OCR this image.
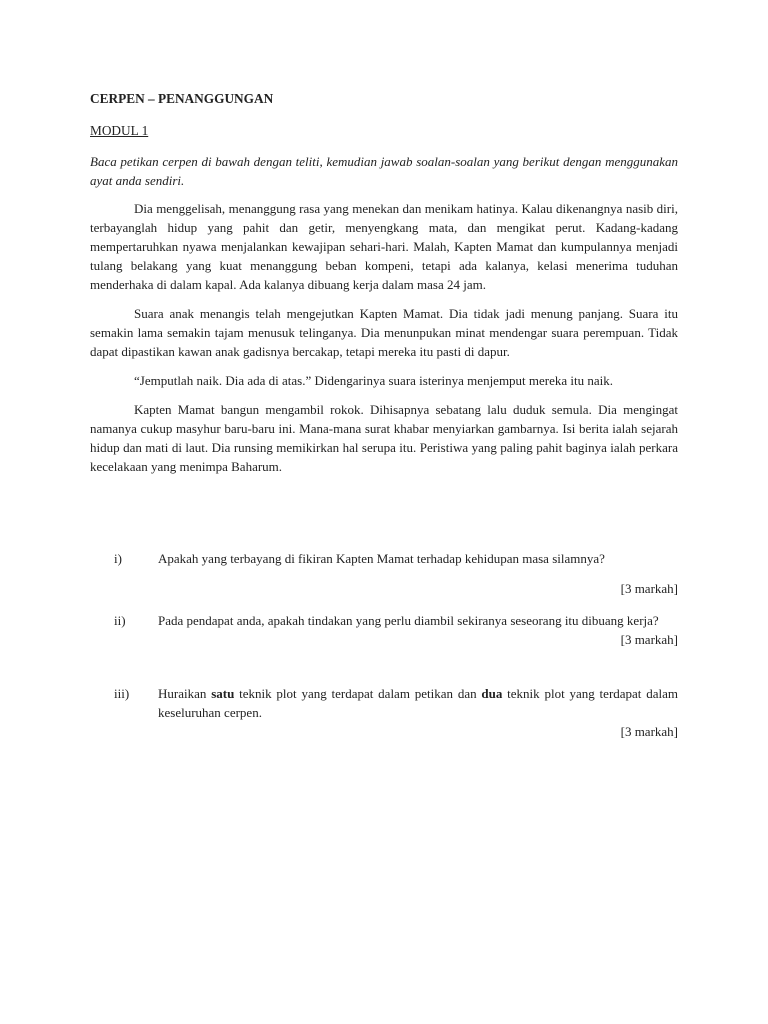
CERPEN – PENANGGUNGAN
MODUL 1
Baca petikan cerpen di bawah dengan teliti, kemudian jawab soalan-soalan yang berikut dengan menggunakan ayat anda sendiri.

Dia menggelisah, menanggung rasa yang menekan dan menikam hatinya. Kalau dikenangnya nasib diri, terbayanglah hidup yang pahit dan getir, menyengkang mata, dan mengikat perut. Kadang-kadang mempertaruhkan nyawa menjalankan kewajipan sehari-hari. Malah, Kapten Mamat dan kumpulannya menjadi tulang belakang yang kuat menanggung beban kompeni, tetapi ada kalanya, kelasi menerima tuduhan menderhaka di dalam kapal. Ada kalanya dibuang kerja dalam masa 24 jam.

Suara anak menangis telah mengejutkan Kapten Mamat. Dia tidak jadi menung panjang. Suara itu semakin lama semakin tajam menusuk telinganya. Dia menunpukan minat mendengar suara perempuan. Tidak dapat dipastikan kawan anak gadisnya bercakap, tetapi mereka itu pasti di dapur.

“Jemputlah naik. Dia ada di atas.” Didengarinya suara isterinya menjemput mereka itu naik.

Kapten Mamat bangun mengambil rokok. Dihisapnya sebatang lalu duduk semula. Dia mengingat namanya cukup masyhur baru-baru ini. Mana-mana surat khabar menyiarkan gambarnya. Isi berita ialah sejarah hidup dan mati di laut. Dia runsing memikirkan hal serupa itu. Peristiwa yang paling pahit baginya ialah perkara kecelakaan yang menimpa Baharum.

i)	Apakah yang terbayang di fikiran Kapten Mamat terhadap kehidupan masa silamnya?
[3 markah]
ii) Pada pendapat anda, apakah tindakan yang perlu diambil sekiranya seseorang itu dibuang kerja?
[3 markah]
iii) Huraikan satu teknik plot yang terdapat dalam petikan dan dua teknik plot yang terdapat dalam keseluruhan cerpen.
[3 markah]
